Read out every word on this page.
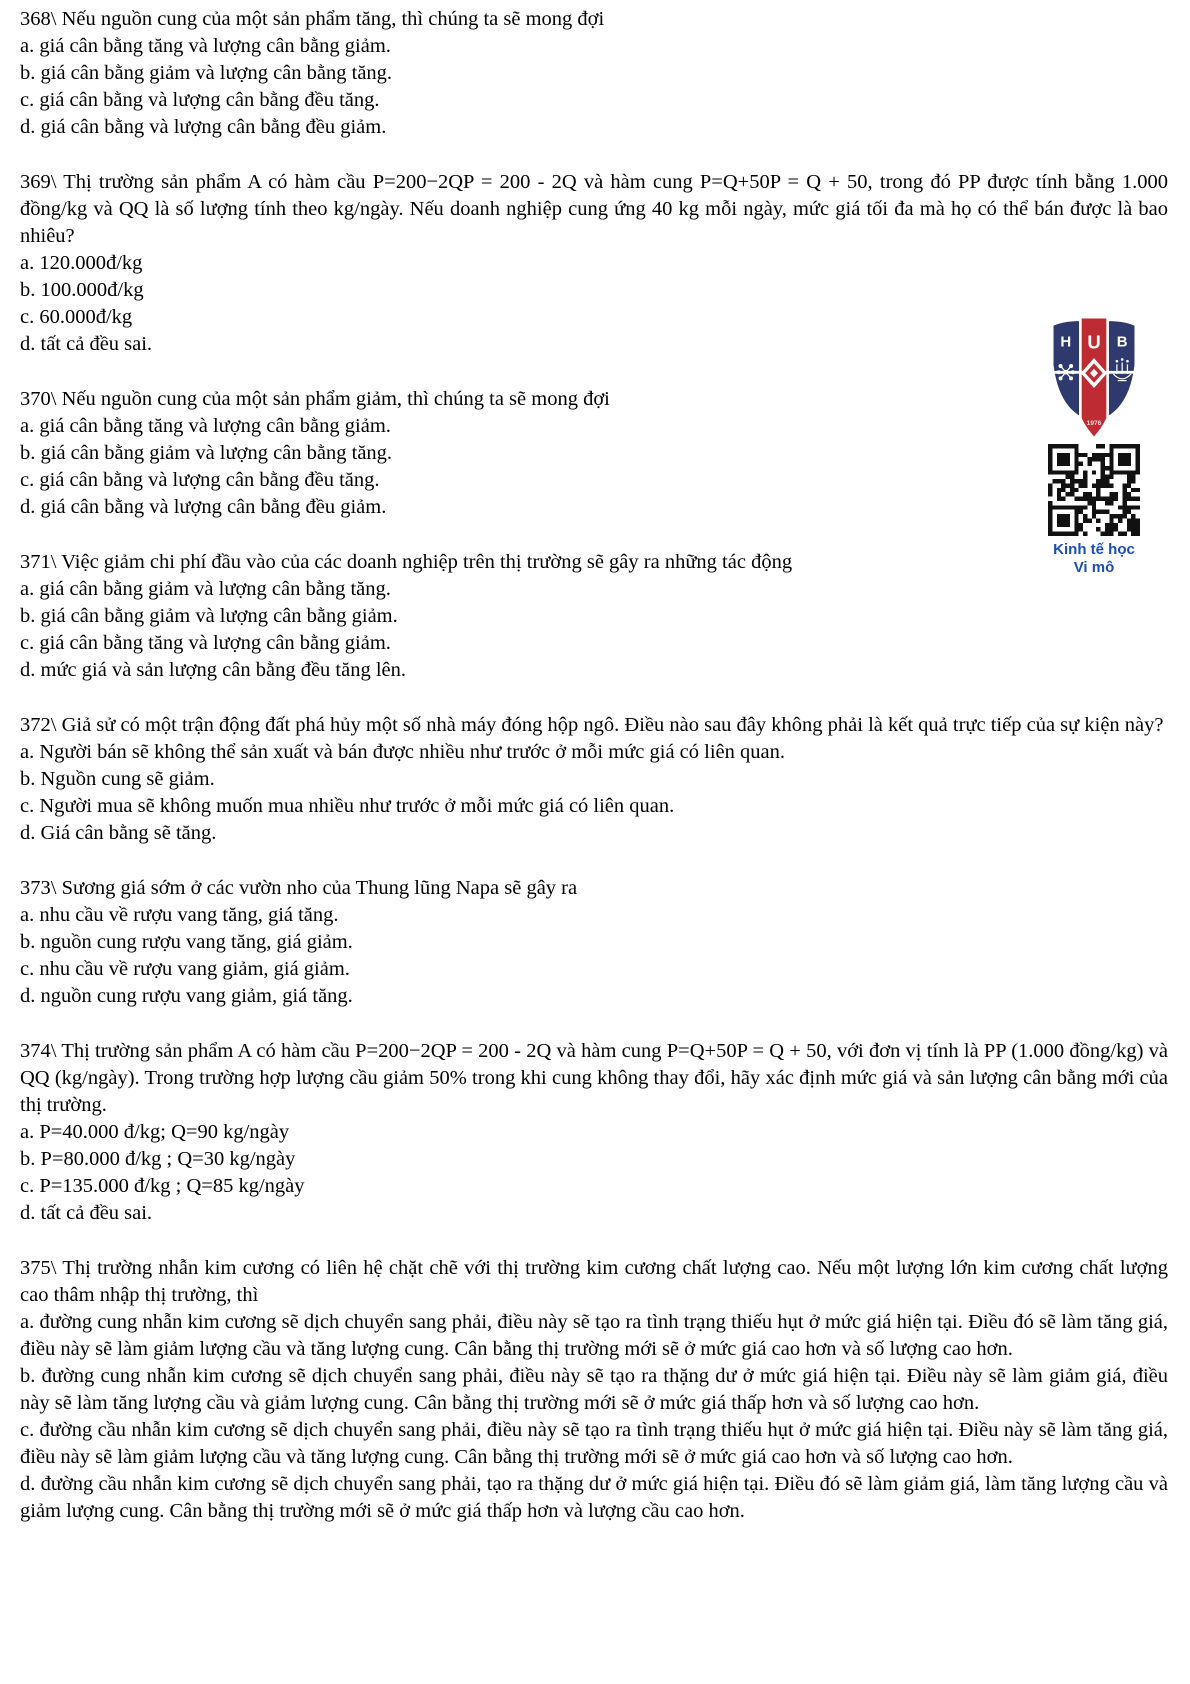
368\ Nếu nguồn cung của một sản phẩm tăng, thì chúng ta sẽ mong đợi

a. giá cân bằng tăng và lượng cân bằng giảm.

b. giá cân bằng giảm và lượng cân bằng tăng.

c. giá cân bằng và lượng cân bằng đều tăng.

d. giá cân bằng và lượng cân bằng đều giảm.

369\ Thị trường sản phẩm A có hàm cầu P=200−2QP = 200 - 2Q và hàm cung P=Q+50P = Q + 50, trong đó PP được tính bằng 1.000 đồng/kg và QQ là số lượng tính theo kg/ngày. Nếu doanh nghiệp cung ứng 40 kg mỗi ngày, mức giá tối đa mà họ có thể bán được là bao nhiêu?

a. 120.000đ/kg

b. 100.000đ/kg

c. 60.000đ/kg

d. tất cả đều sai.

370\ Nếu nguồn cung của một sản phẩm giảm, thì chúng ta sẽ mong đợi

a. giá cân bằng tăng và lượng cân bằng giảm.

b. giá cân bằng giảm và lượng cân bằng tăng.

c. giá cân bằng và lượng cân bằng đều tăng.

d. giá cân bằng và lượng cân bằng đều giảm.

371\ Việc giảm chi phí đầu vào của các doanh nghiệp trên thị trường sẽ gây ra những tác động

a. giá cân bằng giảm và lượng cân bằng tăng.

b. giá cân bằng giảm và lượng cân bằng giảm.

c. giá cân bằng tăng và lượng cân bằng giảm.

d. mức giá và sản lượng cân bằng đều tăng lên.

372\ Giả sử có một trận động đất phá hủy một số nhà máy đóng hộp ngô. Điều nào sau đây không phải là kết quả trực tiếp của sự kiện này?

a. Người bán sẽ không thể sản xuất và bán được nhiều như trước ở mỗi mức giá có liên quan.

b. Nguồn cung sẽ giảm.

c. Người mua sẽ không muốn mua nhiều như trước ở mỗi mức giá có liên quan.

d. Giá cân bằng sẽ tăng.

373\ Sương giá sớm ở các vườn nho của Thung lũng Napa sẽ gây ra

a. nhu cầu về rượu vang tăng, giá tăng.

b. nguồn cung rượu vang tăng, giá giảm.

c. nhu cầu về rượu vang giảm, giá giảm.

d. nguồn cung rượu vang giảm, giá tăng.

374\ Thị trường sản phẩm A có hàm cầu P=200−2QP = 200 - 2Q và hàm cung P=Q+50P = Q + 50, với đơn vị tính là PP (1.000 đồng/kg) và QQ (kg/ngày). Trong trường hợp lượng cầu giảm 50% trong khi cung không thay đổi, hãy xác định mức giá và sản lượng cân bằng mới của thị trường.

a. P=40.000 đ/kg; Q=90 kg/ngày

b. P=80.000 đ/kg ; Q=30 kg/ngày

c. P=135.000 đ/kg ; Q=85 kg/ngày

d. tất cả đều sai.

375\ Thị trường nhẫn kim cương có liên hệ chặt chẽ với thị trường kim cương chất lượng cao. Nếu một lượng lớn kim cương chất lượng cao thâm nhập thị trường, thì

a. đường cung nhẫn kim cương sẽ dịch chuyển sang phải, điều này sẽ tạo ra tình trạng thiếu hụt ở mức giá hiện tại. Điều đó sẽ làm tăng giá, điều này sẽ làm giảm lượng cầu và tăng lượng cung. Cân bằng thị trường mới sẽ ở mức giá cao hơn và số lượng cao hơn.

b. đường cung nhẫn kim cương sẽ dịch chuyển sang phải, điều này sẽ tạo ra thặng dư ở mức giá hiện tại. Điều này sẽ làm giảm giá, điều này sẽ làm tăng lượng cầu và giảm lượng cung. Cân bằng thị trường mới sẽ ở mức giá thấp hơn và số lượng cao hơn.

c. đường cầu nhẫn kim cương sẽ dịch chuyển sang phải, điều này sẽ tạo ra tình trạng thiếu hụt ở mức giá hiện tại. Điều này sẽ làm tăng giá, điều này sẽ làm giảm lượng cầu và tăng lượng cung. Cân bằng thị trường mới sẽ ở mức giá cao hơn và số lượng cao hơn.

d. đường cầu nhẫn kim cương sẽ dịch chuyển sang phải, tạo ra thặng dư ở mức giá hiện tại. Điều đó sẽ làm giảm giá, làm tăng lượng cầu và giảm lượng cung. Cân bằng thị trường mới sẽ ở mức giá thấp hơn và lượng cầu cao hơn.

H U B
1976
Kinh tế học
Vi mô
